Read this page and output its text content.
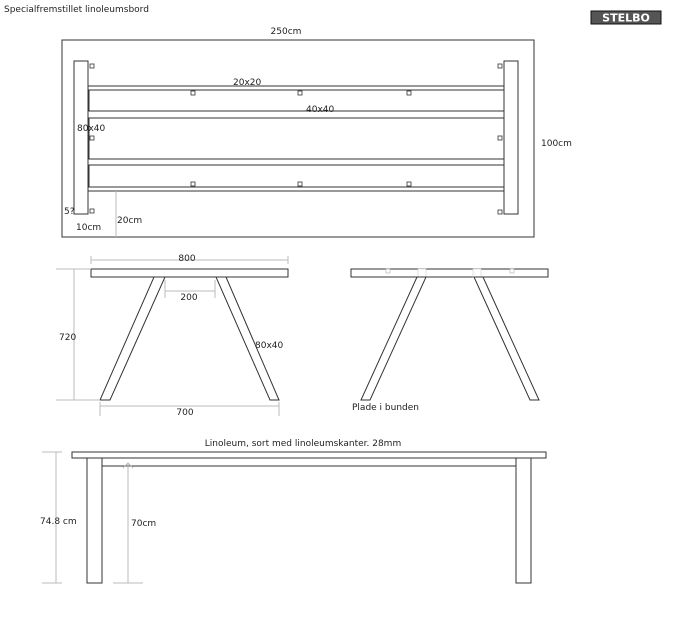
Specialfremstillet linoleumsbord
STELBO
250cm
20x20
40x40
80x40
100cm
5?
10cm
20cm
800
200
720
700
80x40
Plade i bunden
Linoleum, sort med linoleumskanter. 28mm
74.8 cm	70cm
